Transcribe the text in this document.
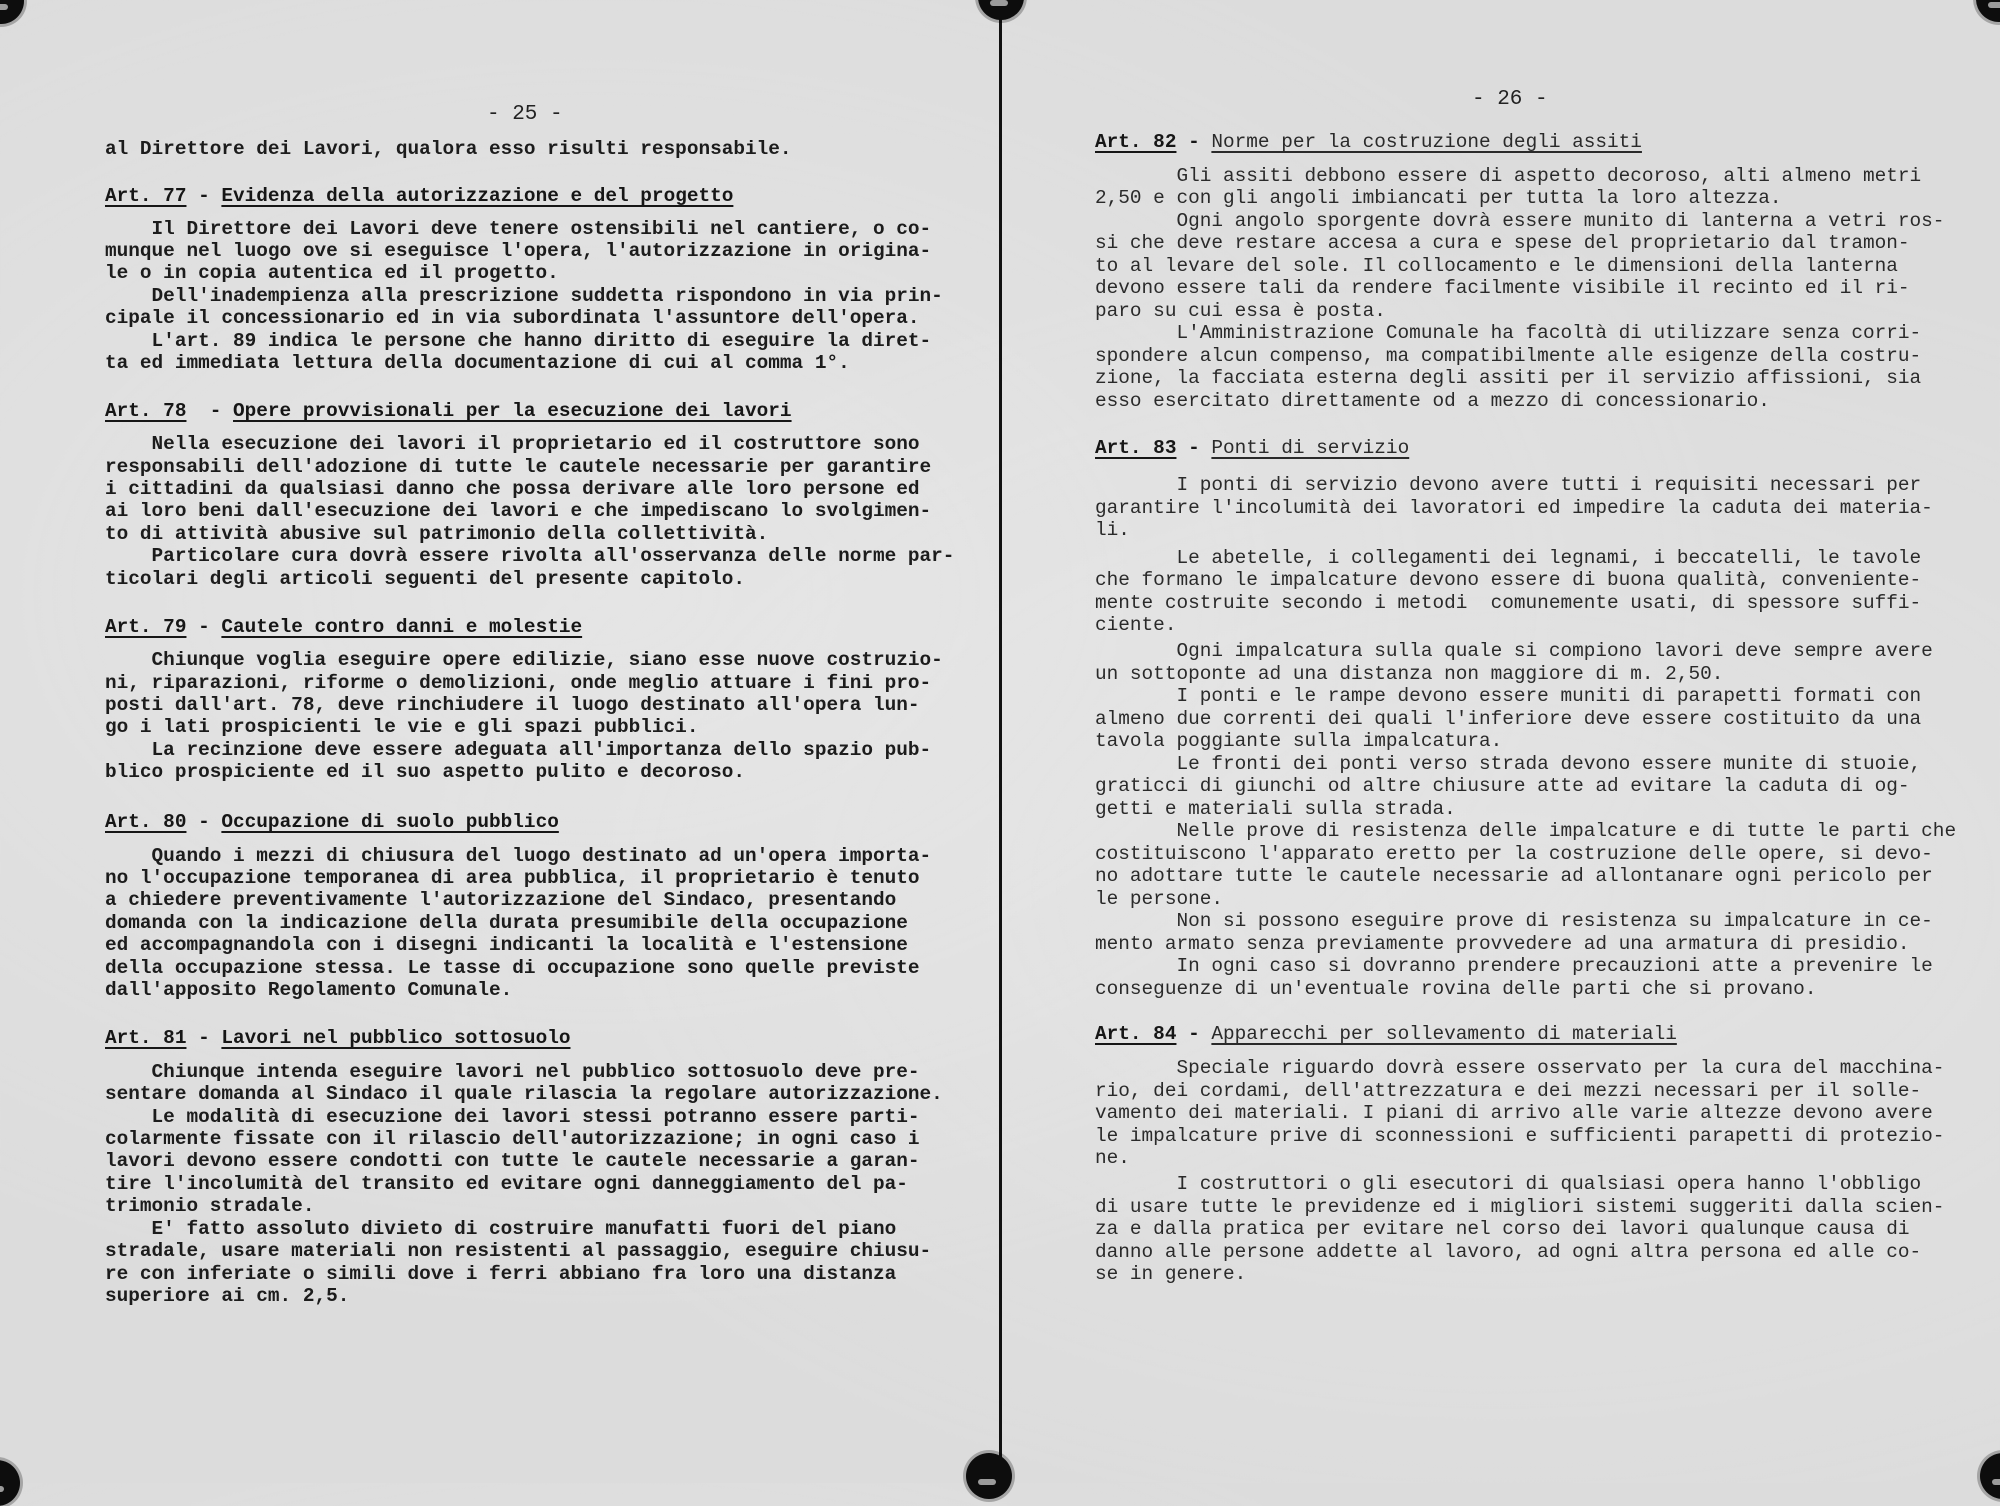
- 25 -
al Direttore dei Lavori, qualora esso risulti responsabile.
Art. 77 - Evidenza della autorizzazione e del progetto
Il Direttore dei Lavori deve tenere ostensibili nel cantiere, o co-
munque nel luogo ove si eseguisce l'opera, l'autorizzazione in origina-
le o in copia autentica ed il progetto.
Dell'inadempienza alla prescrizione suddetta rispondono in via prin-
cipale il concessionario ed in via subordinata l'assuntore dell'opera.
L'art. 89 indica le persone che hanno diritto di eseguire la diret-
ta ed immediata lettura della documentazione di cui al comma 1°.
Art. 78  - Opere provvisionali per la esecuzione dei lavori
Nella esecuzione dei lavori il proprietario ed il costruttore sono
responsabili dell'adozione di tutte le cautele necessarie per garantire
i cittadini da qualsiasi danno che possa derivare alle loro persone ed
ai loro beni dall'esecuzione dei lavori e che impediscano lo svolgimen-
to di attività abusive sul patrimonio della collettività.
Particolare cura dovrà essere rivolta all'osservanza delle norme par-
ticolari degli articoli seguenti del presente capitolo.
Art. 79 - Cautele contro danni e molestie
Chiunque voglia eseguire opere edilizie, siano esse nuove costruzio-
ni, riparazioni, riforme o demolizioni, onde meglio attuare i fini pro-
posti dall'art. 78, deve rinchiudere il luogo destinato all'opera lun-
go i lati prospicienti le vie e gli spazi pubblici.
La recinzione deve essere adeguata all'importanza dello spazio pub-
blico prospiciente ed il suo aspetto pulito e decoroso.
Art. 80 - Occupazione di suolo pubblico
Quando i mezzi di chiusura del luogo destinato ad un'opera importa-
no l'occupazione temporanea di area pubblica, il proprietario è tenuto
a chiedere preventivamente l'autorizzazione del Sindaco, presentando
domanda con la indicazione della durata presumibile della occupazione
ed accompagnandola con i disegni indicanti la località e l'estensione
della occupazione stessa. Le tasse di occupazione sono quelle previste
dall'apposito Regolamento Comunale.
Art. 81 - Lavori nel pubblico sottosuolo
Chiunque intenda eseguire lavori nel pubblico sottosuolo deve pre-
sentare domanda al Sindaco il quale rilascia la regolare autorizzazione.
Le modalità di esecuzione dei lavori stessi potranno essere parti-
colarmente fissate con il rilascio dell'autorizzazione; in ogni caso i
lavori devono essere condotti con tutte le cautele necessarie a garan-
tire l'incolumità del transito ed evitare ogni danneggiamento del pa-
trimonio stradale.
E' fatto assoluto divieto di costruire manufatti fuori del piano
stradale, usare materiali non resistenti al passaggio, eseguire chiusu-
re con inferiate o simili dove i ferri abbiano fra loro una distanza
superiore ai cm. 2,5.
- 26 -
Art. 82 - Norme per la costruzione degli assiti
Gli assiti debbono essere di aspetto decoroso, alti almeno metri
2,50 e con gli angoli imbiancati per tutta la loro altezza.
Ogni angolo sporgente dovrà essere munito di lanterna a vetri ros-
si che deve restare accesa a cura e spese del proprietario dal tramon-
to al levare del sole. Il collocamento e le dimensioni della lanterna
devono essere tali da rendere facilmente visibile il recinto ed il ri-
paro su cui essa è posta.
L'Amministrazione Comunale ha facoltà di utilizzare senza corri-
spondere alcun compenso, ma compatibilmente alle esigenze della costru-
zione, la facciata esterna degli assiti per il servizio affissioni, sia
esso esercitato direttamente od a mezzo di concessionario.
Art. 83 - Ponti di servizio
I ponti di servizio devono avere tutti i requisiti necessari per
garantire l'incolumità dei lavoratori ed impedire la caduta dei materia-
li.
Le abetelle, i collegamenti dei legnami, i beccatelli, le tavole
che formano le impalcature devono essere di buona qualità, conveniente-
mente costruite secondo i metodi  comunemente usati, di spessore suffi-
ciente.
Ogni impalcatura sulla quale si compiono lavori deve sempre avere
un sottoponte ad una distanza non maggiore di m. 2,50.
I ponti e le rampe devono essere muniti di parapetti formati con
almeno due correnti dei quali l'inferiore deve essere costituito da una
tavola poggiante sulla impalcatura.
Le fronti dei ponti verso strada devono essere munite di stuoie,
graticci di giunchi od altre chiusure atte ad evitare la caduta di og-
getti e materiali sulla strada.
Nelle prove di resistenza delle impalcature e di tutte le parti che
costituiscono l'apparato eretto per la costruzione delle opere, si devo-
no adottare tutte le cautele necessarie ad allontanare ogni pericolo per
le persone.
Non si possono eseguire prove di resistenza su impalcature in ce-
mento armato senza previamente provvedere ad una armatura di presidio.
In ogni caso si dovranno prendere precauzioni atte a prevenire le
conseguenze di un'eventuale rovina delle parti che si provano.
Art. 84 - Apparecchi per sollevamento di materiali
Speciale riguardo dovrà essere osservato per la cura del macchina-
rio, dei cordami, dell'attrezzatura e dei mezzi necessari per il solle-
vamento dei materiali. I piani di arrivo alle varie altezze devono avere
le impalcature prive di sconnessioni e sufficienti parapetti di protezio-
ne.
I costruttori o gli esecutori di qualsiasi opera hanno l'obbligo
di usare tutte le previdenze ed i migliori sistemi suggeriti dalla scien-
za e dalla pratica per evitare nel corso dei lavori qualunque causa di
danno alle persone addette al lavoro, ad ogni altra persona ed alle co-
se in genere.
